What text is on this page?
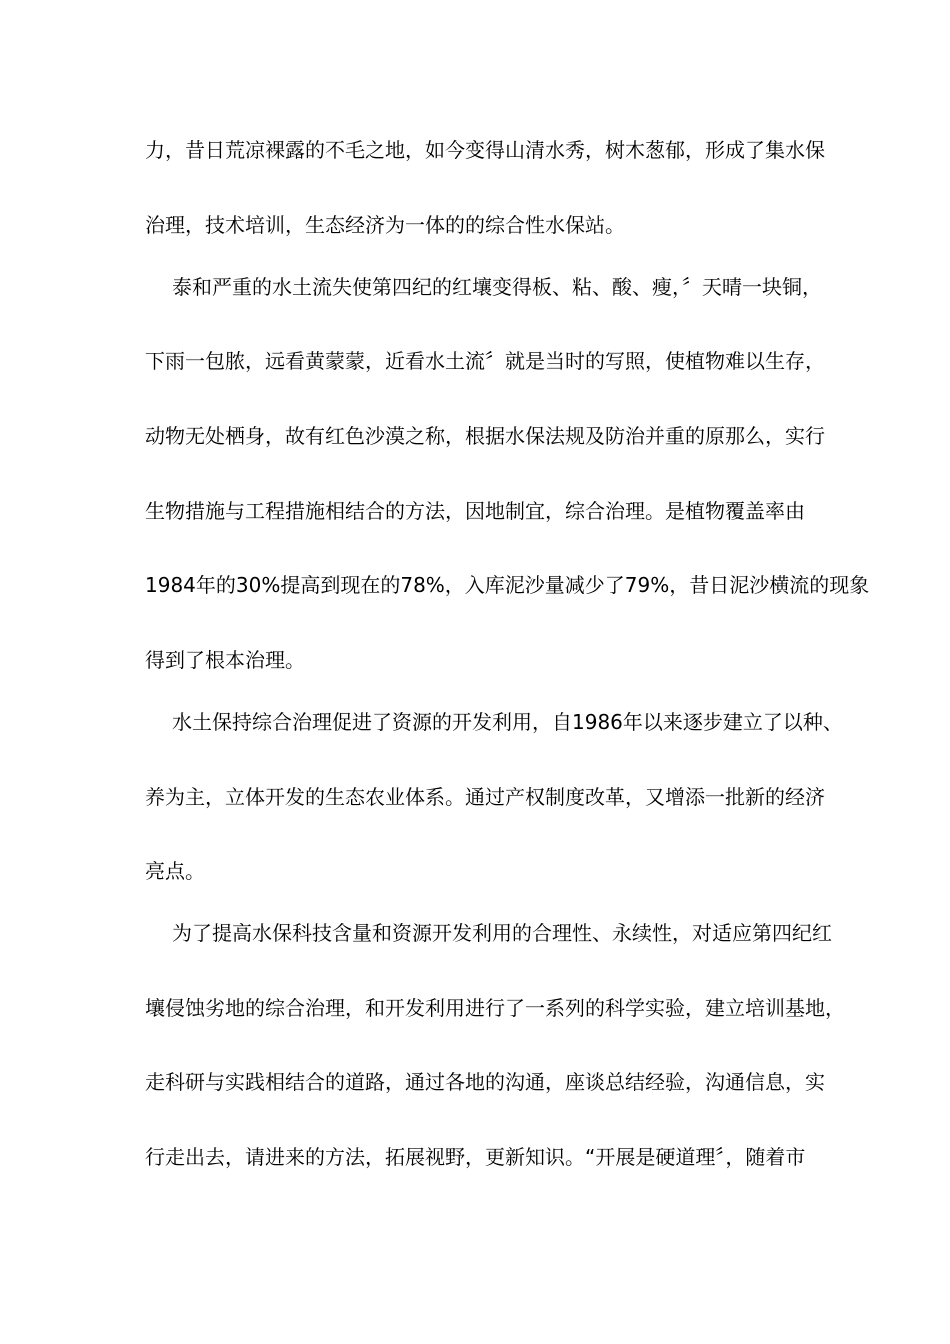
力，昔日荒凉裸露的不毛之地，如今变得山清水秀，树木葱郁，形成了集水保
治理，技术培训，生态经济为一体的的综合性水保站。
泰和严重的水土流失使第四纪的红壤变得板、粘、酸、瘦，〞天晴一块铜，
下雨一包脓，远看黄蒙蒙，近看水土流〞就是当时的写照，使植物难以生存，
动物无处栖身，故有红色沙漠之称，根据水保法规及防治并重的原那么，实行
生物措施与工程措施相结合的方法，因地制宜，综合治理。是植物覆盖率由
1984年的30%提高到现在的78%，入库泥沙量减少了79%，昔日泥沙横流的现象
得到了根本治理。
水土保持综合治理促进了资源的开发利用，自1986年以来逐步建立了以种、
养为主，立体开发的生态农业体系。通过产权制度改革，又增添一批新的经济
亮点。
为了提高水保科技含量和资源开发利用的合理性、永续性，对适应第四纪红
壤侵蚀劣地的综合治理，和开发利用进行了一系列的科学实验，建立培训基地，
走科研与实践相结合的道路，通过各地的沟通，座谈总结经验，沟通信息，实
行走出去，请进来的方法，拓展视野，更新知识。“开展是硬道理〞，随着市
